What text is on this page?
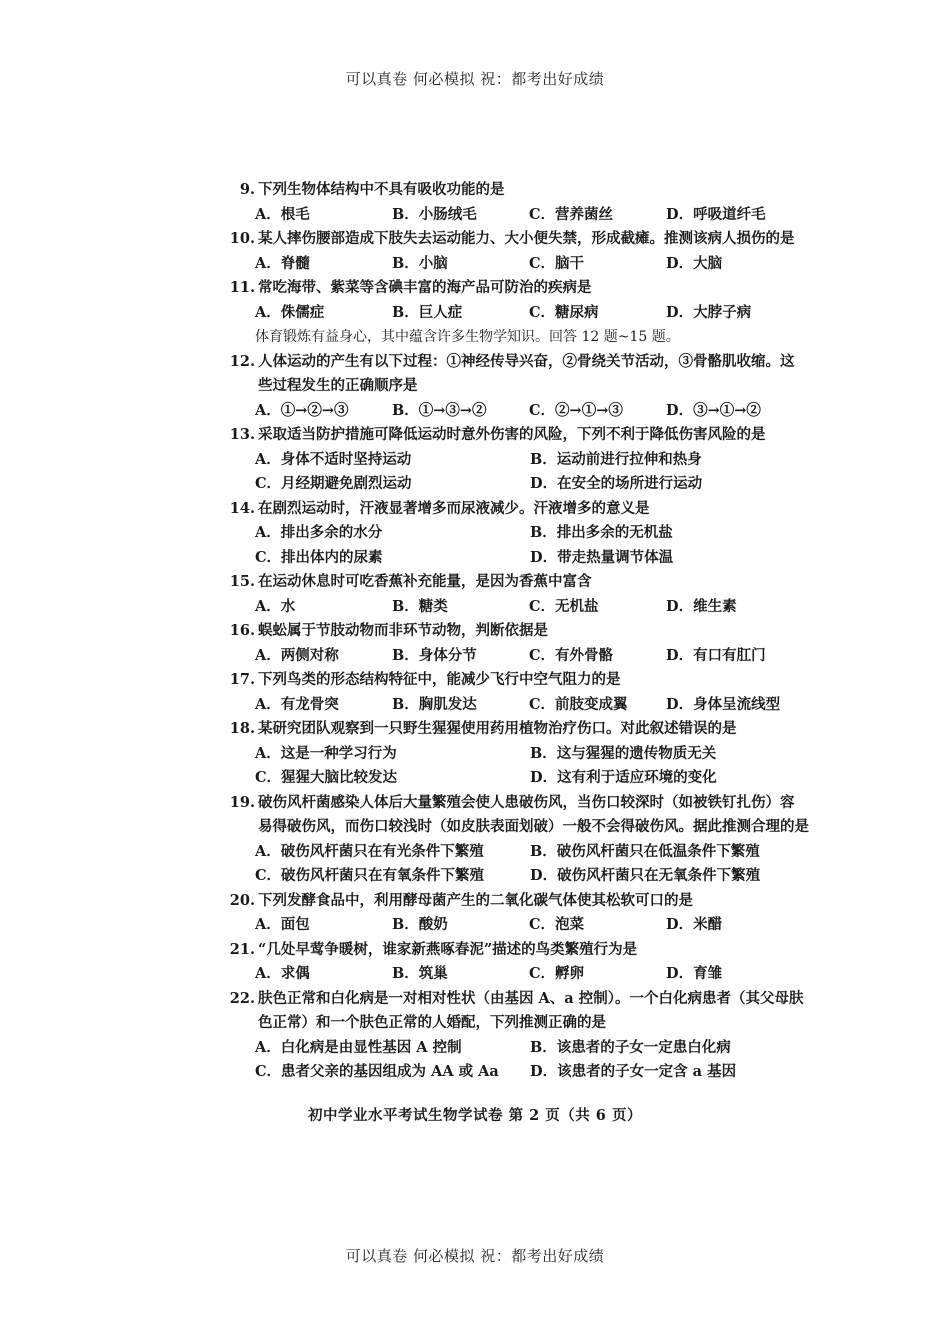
可以真卷 何必模拟 祝：都考出好成绩
9. 下列生物体结构中不具有吸收功能的是
A．根毛	B．小肠绒毛	C．营养菌丝	D．呼吸道纤毛
10. 某人摔伤腰部造成下肢失去运动能力、大小便失禁，形成截瘫。推测该病人损伤的是
A．脊髓	B．小脑	C．脑干	D．大脑
11. 常吃海带、紫菜等含碘丰富的海产品可防治的疾病是
A．侏儒症	B．巨人症	C．糖尿病	D．大脖子病
体育锻炼有益身心，其中蕴含许多生物学知识。回答 12 题~15 题。
12. 人体运动的产生有以下过程：①神经传导兴奋，②骨绕关节活动，③骨骼肌收缩。这
些过程发生的正确顺序是
A．①→②→③	B．①→③→②	C．②→①→③	D．③→①→②
13. 采取适当防护措施可降低运动时意外伤害的风险，下列不利于降低伤害风险的是
A．身体不适时坚持运动	B．运动前进行拉伸和热身
C．月经期避免剧烈运动	D．在安全的场所进行运动
14. 在剧烈运动时，汗液显著增多而尿液减少。汗液增多的意义是
A．排出多余的水分	B．排出多余的无机盐
C．排出体内的尿素	D．带走热量调节体温
15. 在运动休息时可吃香蕉补充能量，是因为香蕉中富含
A．水	B．糖类	C．无机盐	D．维生素
16. 蜈蚣属于节肢动物而非环节动物，判断依据是
A．两侧对称	B．身体分节	C．有外骨骼	D．有口有肛门
17. 下列鸟类的形态结构特征中，能减少飞行中空气阻力的是
A．有龙骨突	B．胸肌发达	C．前肢变成翼	D．身体呈流线型
18. 某研究团队观察到一只野生猩猩使用药用植物治疗伤口。对此叙述错误的是
A．这是一种学习行为	B．这与猩猩的遗传物质无关
C．猩猩大脑比较发达	D．这有利于适应环境的变化
19. 破伤风杆菌感染人体后大量繁殖会使人患破伤风，当伤口较深时（如被铁钉扎伤）容
易得破伤风，而伤口较浅时（如皮肤表面划破）一般不会得破伤风。据此推测合理的是
A．破伤风杆菌只在有光条件下繁殖	B．破伤风杆菌只在低温条件下繁殖
C．破伤风杆菌只在有氧条件下繁殖	D．破伤风杆菌只在无氧条件下繁殖
20. 下列发酵食品中，利用酵母菌产生的二氧化碳气体使其松软可口的是
A．面包	B．酸奶	C．泡菜	D．米醋
21. “几处早莺争暖树，谁家新燕啄春泥”描述的鸟类繁殖行为是
A．求偶	B．筑巢	C．孵卵	D．育雏
22. 肤色正常和白化病是一对相对性状（由基因 A、a 控制）。一个白化病患者（其父母肤
色正常）和一个肤色正常的人婚配，下列推测正确的是
A．白化病是由显性基因 A 控制	B．该患者的子女一定患白化病
C．患者父亲的基因组成为 AA 或 Aa	D．该患者的子女一定含 a 基因
初中学业水平考试生物学试卷 第 2 页（共 6 页）
可以真卷 何必模拟 祝：都考出好成绩
